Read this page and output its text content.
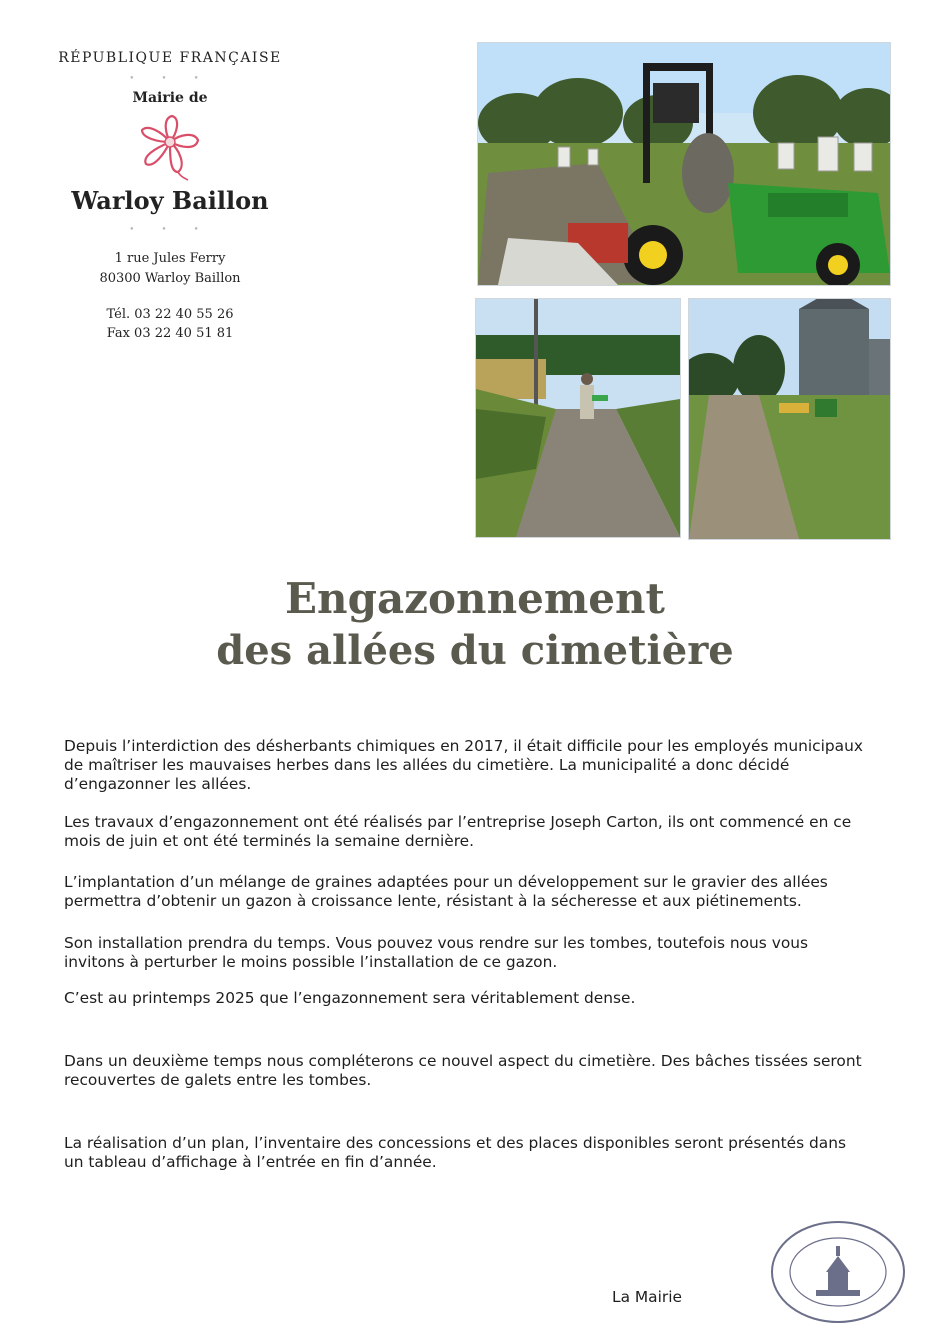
RÉPUBLIQUE FRANÇAISE
• • •
Mairie de
Warloy Baillon
• • •
1 rue Jules Ferry
80300 Warloy Baillon
Tél. 03 22 40 55 26
Fax 03 22 40 51 81
Engazonnement
des allées du cimetière

Depuis l’interdiction des désherbants chimiques en 2017, il était difficile pour les employés municipaux de maîtriser les mauvaises herbes dans les allées du cimetière. La municipalité a donc décidé d’engazonner les allées.

Les travaux d’engazonnement ont été réalisés par l’entreprise Joseph Carton, ils ont commencé en ce mois de juin et ont été terminés la semaine dernière.

L’implantation d’un mélange de graines adaptées pour un développement sur le gravier des allées permettra d’obtenir un gazon à croissance lente, résistant à la sécheresse et aux piétinements.

Son installation prendra du temps. Vous pouvez vous rendre sur les tombes, toutefois nous vous invitons à perturber le moins possible l’installation de ce gazon.

C’est au printemps 2025 que l’engazonnement sera véritablement dense.

Dans un deuxième temps nous compléterons ce nouvel aspect du cimetière. Des bâches tissées seront recouvertes de galets entre les tombes.

La réalisation d’un plan, l’inventaire des concessions et des places disponibles seront présentés dans un tableau d’affichage à l’entrée en fin d’année.

La Mairie
